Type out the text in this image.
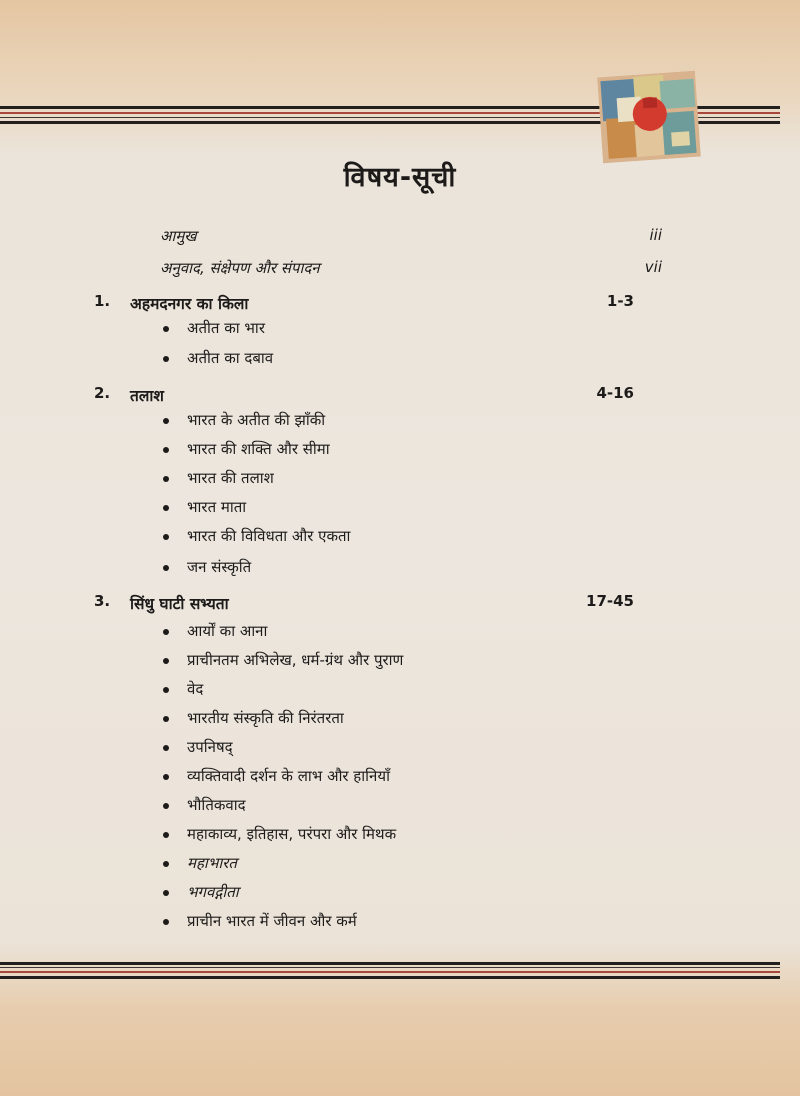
विषय-सूची
आमुख	iii
अनुवाद, संक्षेपण और संपादन	vii
1. अहमदनगर का किला	1-3
अतीत का भार
अतीत का दबाव
2. तलाश	4-16
भारत के अतीत की झाँकी
भारत की शक्ति और सीमा
भारत की तलाश
भारत माता
भारत की विविधता और एकता
जन संस्कृति
3. सिंधु घाटी सभ्यता	17-45
आर्यों का आना
प्राचीनतम अभिलेख, धर्म-ग्रंथ और पुराण
वेद
भारतीय संस्कृति की निरंतरता
उपनिषद्
व्यक्तिवादी दर्शन के लाभ और हानियाँ
भौतिकवाद
महाकाव्य, इतिहास, परंपरा और मिथक
महाभारत
भगवद्गीता
प्राचीन भारत में जीवन और कर्म
